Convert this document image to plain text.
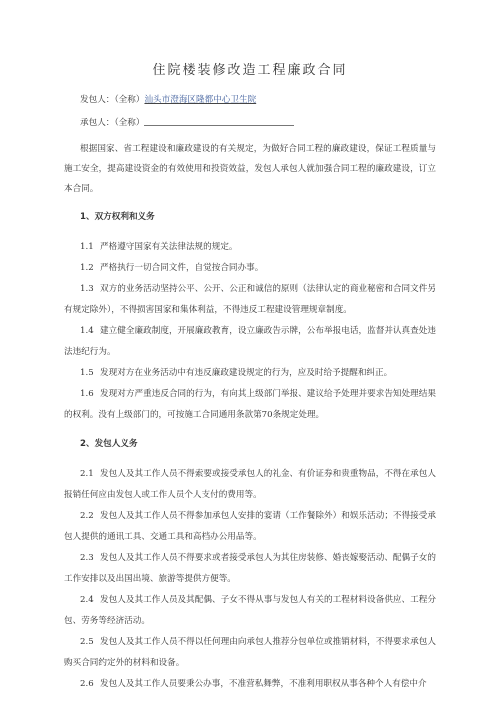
住院楼装修改造工程廉政合同
发包人：（全称）汕头市澄海区隆都中心卫生院
承包人：（全称）

根据国家、省工程建设和廉政建设的有关规定，为做好合同工程的廉政建设，保证工程质量与施工安全，提高建设资金的有效使用和投资效益，发包人承包人就加强合同工程的廉政建设，订立本合同。

1、双方权利和义务

1.1 严格遵守国家有关法律法规的规定。

1.2 严格执行一切合同文件，自觉按合同办事。

1.3 双方的业务活动坚持公平、公开、公正和诚信的原则（法律认定的商业秘密和合同文件另有规定除外），不得损害国家和集体利益，不得违反工程建设管理规章制度。

1.4 建立健全廉政制度，开展廉政教育，设立廉政告示牌，公布举报电话，监督并认真查处违法违纪行为。

1.5 发现对方在业务活动中有违反廉政建设规定的行为，应及时给予提醒和纠正。

1.6 发现对方严重违反合同的行为，有向其上级部门举报、建议给予处理并要求告知处理结果的权利。没有上级部门的，可按施工合同通用条款第70条规定处理。

2、发包人义务

2.1 发包人及其工作人员不得索要或接受承包人的礼金、有价证券和贵重物品，不得在承包人报销任何应由发包人或工作人员个人支付的费用等。

2.2 发包人及其工作人员不得参加承包人安排的宴请（工作餐除外）和娱乐活动；不得接受承包人提供的通讯工具、交通工具和高档办公用品等。

2.3 发包人及其工作人员不得要求或者接受承包人为其住房装修、婚丧嫁娶活动、配偶子女的工作安排以及出国出境、旅游等提供方便等。

2.4 发包人及其工作人员及其配偶、子女不得从事与发包人有关的工程材料设备供应、工程分包、劳务等经济活动。

2.5 发包人及其工作人员不得以任何理由向承包人推荐分包单位或推销材料，不得要求承包人购买合同约定外的材料和设备。

2.6 发包人及其工作人员要秉公办事，不准营私舞弊，不准利用职权从事各种个人有偿中介
